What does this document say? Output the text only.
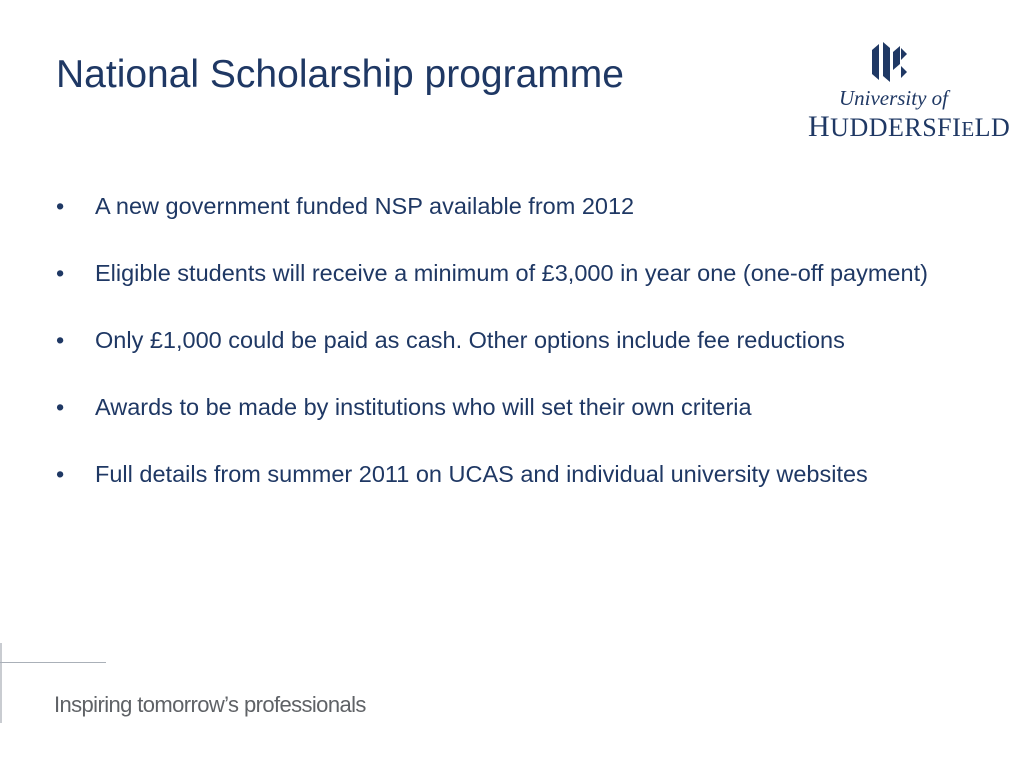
National Scholarship programme
University of
HUDDERSFIELD
•	A new government funded NSP available from 2012
•	Eligible students will receive a minimum of £3,000 in year one (one-off payment)
•	Only £1,000 could be paid as cash. Other options include fee reductions
•	Awards to be made by institutions who will set their own criteria
•	Full details from summer 2011 on UCAS and individual university websites
Inspiring tomorrow’s professionals
